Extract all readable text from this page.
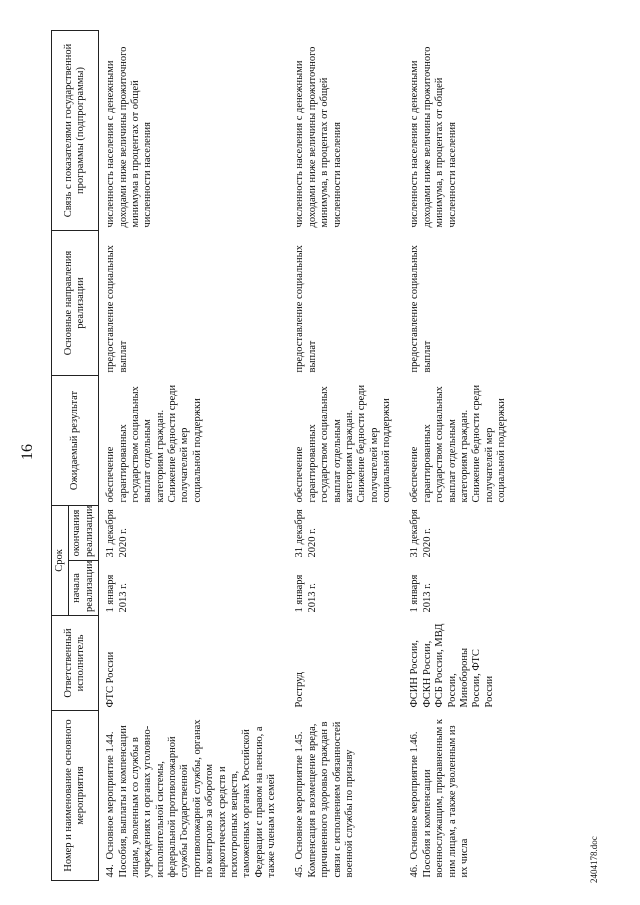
16
Номер и наименование основного мероприятия	Ответственный исполнитель	Срок		Ожидаемый результат	Основные направления реализации	Связь с показателями государственной программы (подпрограммы)
		начала реализации	окончания реализации			
44.Основное мероприятие 1.44. Пособия, выплаты и компенсации лицам, уволенным со службы в учреждениях и органах уголовно-исполнительной системы, федеральной противопожарной службы Государственной противопожарной службы, органах по контролю за оборотом наркотических средств и психотропных веществ, таможенных органах Российской Федерации с правом на пенсию, а также членам их семей	ФТС России	1 января 2013 г.	31 декабря 2020 г.	обеспечение гарантированных государством социальных выплат отдельным категориям граждан. Снижение бедности среди получателей мер социальной поддержки	предоставление социальных выплат	численность населения с денежными доходами ниже величины прожиточного минимума в процентах от общей численности населения
45.Основное мероприятие 1.45. Компенсация в возмещение вреда, причиненного здоровью граждан в связи с исполнением обязанностей военной службы по призыву	Роструд	1 января 2013 г.	31 декабря 2020 г.	обеспечение гарантированных государством социальных выплат отдельным категориям граждан. Снижение бедности среди получателей мер социальной поддержки	предоставление социальных выплат	численность населения с денежными доходами ниже величины прожиточного минимума, в процентах от общей численности населения
46.Основное мероприятие 1.46. Пособия и компенсации военнослужащим, приравненным к ним лицам, а также уволенным из их числа	ФСИН России, ФСКН России, ФСБ России, МВД России, Минобороны России, ФТС России	1 января 2013 г.	31 декабря 2020 г.	обеспечение гарантированных государством социальных выплат отдельным категориям граждан. Снижение бедности среди получателей мер социальной поддержки	предоставление социальных выплат	численность населения с денежными доходами ниже величины прожиточного минимума, в процентах от общей численности населения
2404178.doc
